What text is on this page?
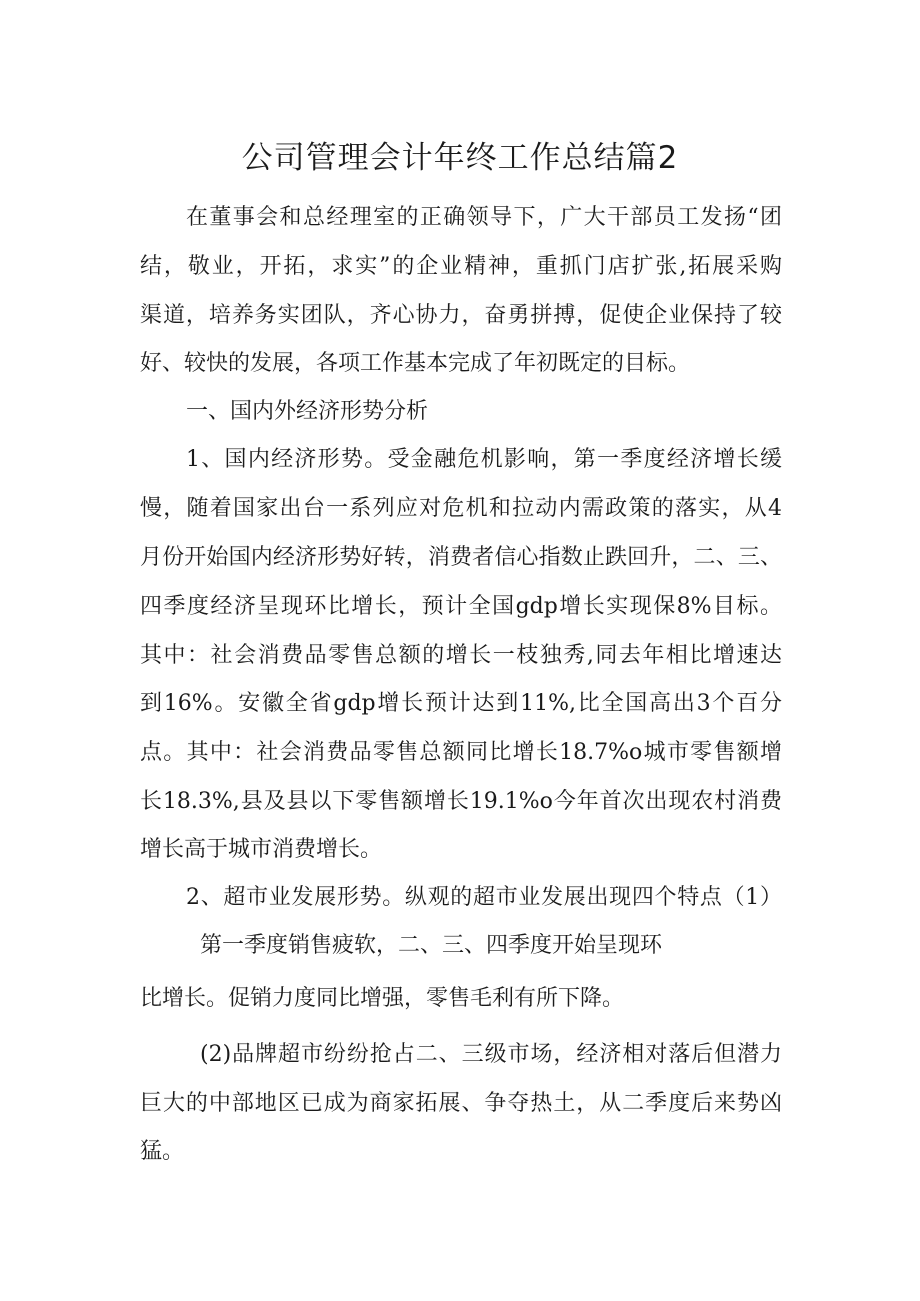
公司管理会计年终工作总结篇2

在董事会和总经理室的正确领导下，广大干部员工发扬“团

结，敬业，开拓，求实”的企业精神，重抓门店扩张,拓展采购

渠道，培养务实团队，齐心协力，奋勇拼搏，促使企业保持了较

好、较快的发展，各项工作基本完成了年初既定的目标。

一、国内外经济形势分析

1、国内经济形势。受金融危机影响，第一季度经济增长缓

慢，随着国家出台一系列应对危机和拉动内需政策的落实，从4

月份开始国内经济形势好转，消费者信心指数止跌回升，二、三、

四季度经济呈现环比增长，预计全国gdp增长实现保8%目标。

其中：社会消费品零售总额的增长一枝独秀,同去年相比增速达

到16%。安徽全省gdp增长预计达到11%,比全国高出3个百分

点。其中：社会消费品零售总额同比增长18.7%o城市零售额增

长18.3%,县及县以下零售额增长19.1%o今年首次出现农村消费

增长高于城市消费增长。

2、超市业发展形势。纵观的超市业发展出现四个特点（1）

第一季度销售疲软，二、三、四季度开始呈现环

比增长。促销力度同比增强，零售毛利有所下降。

(2)品牌超市纷纷抢占二、三级市场，经济相对落后但潜力

巨大的中部地区已成为商家拓展、争夺热土，从二季度后来势凶

猛。
